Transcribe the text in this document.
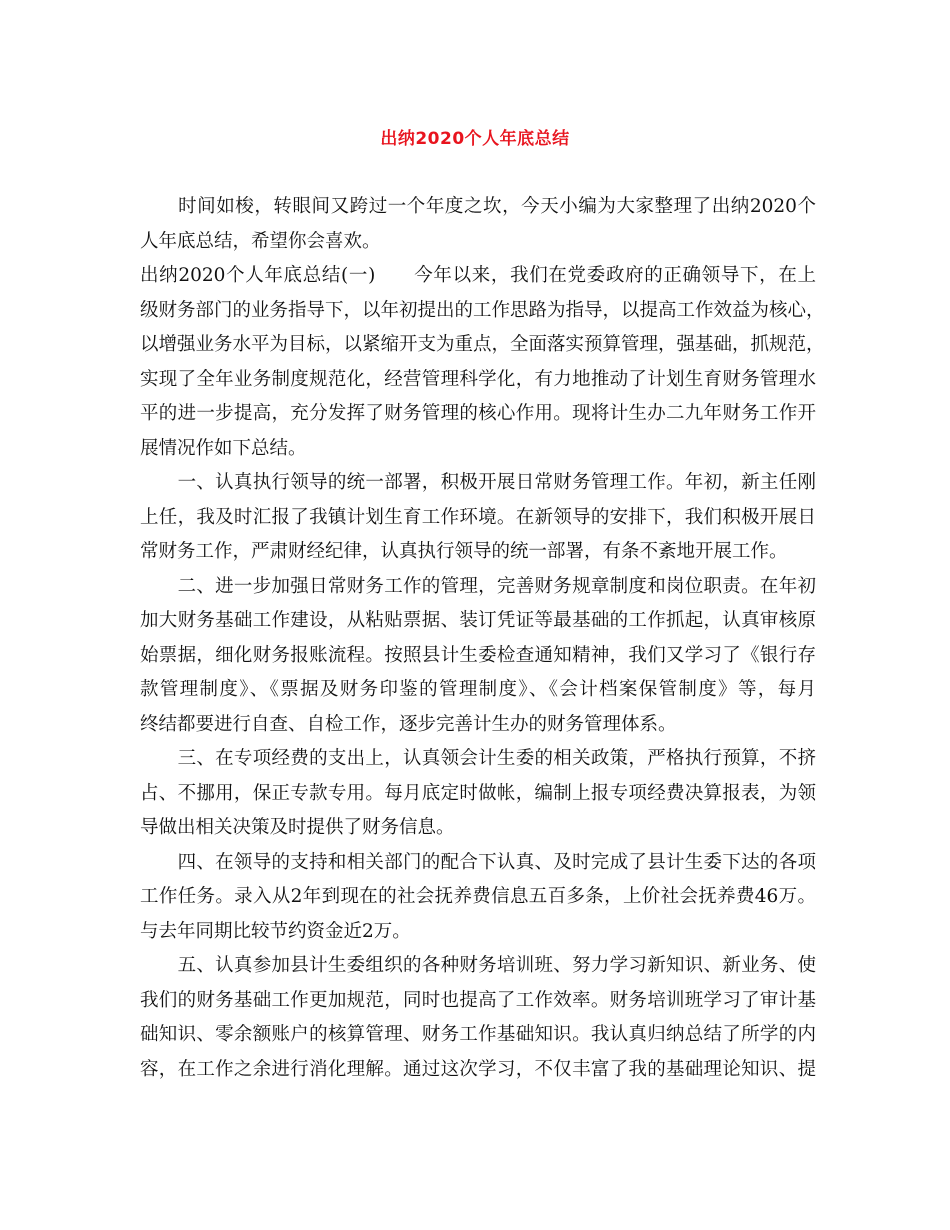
出纳2020个人年底总结
　　时间如梭，转眼间又跨过一个年度之坎，今天小编为大家整理了出纳2020个
人年底总结，希望你会喜欢。
出纳2020个人年底总结(一)　　今年以来，我们在党委政府的正确领导下，在上
级财务部门的业务指导下，以年初提出的工作思路为指导，以提高工作效益为核心，
以增强业务水平为目标，以紧缩开支为重点，全面落实预算管理，强基础，抓规范，
实现了全年业务制度规范化，经营管理科学化，有力地推动了计划生育财务管理水
平的进一步提高，充分发挥了财务管理的核心作用。现将计生办二九年财务工作开
展情况作如下总结。
　　一、认真执行领导的统一部署，积极开展日常财务管理工作。年初，新主任刚
上任，我及时汇报了我镇计划生育工作环境。在新领导的安排下，我们积极开展日
常财务工作，严肃财经纪律，认真执行领导的统一部署，有条不紊地开展工作。
　　二、进一步加强日常财务工作的管理，完善财务规章制度和岗位职责。在年初
加大财务基础工作建设，从粘贴票据、装订凭证等最基础的工作抓起，认真审核原
始票据，细化财务报账流程。按照县计生委检查通知精神，我们又学习了《银行存
款管理制度》、《票据及财务印鉴的管理制度》、《会计档案保管制度》等，每月
终结都要进行自查、自检工作，逐步完善计生办的财务管理体系。
　　三、在专项经费的支出上，认真领会计生委的相关政策，严格执行预算，不挤
占、不挪用，保正专款专用。每月底定时做帐，编制上报专项经费决算报表，为领
导做出相关决策及时提供了财务信息。
　　四、在领导的支持和相关部门的配合下认真、及时完成了县计生委下达的各项
工作任务。录入从2年到现在的社会抚养费信息五百多条，上价社会抚养费46万。
与去年同期比较节约资金近2万。
　　五、认真参加县计生委组织的各种财务培训班、努力学习新知识、新业务、使
我们的财务基础工作更加规范，同时也提高了工作效率。财务培训班学习了审计基
础知识、零余额账户的核算管理、财务工作基础知识。我认真归纳总结了所学的内
容，在工作之余进行消化理解。通过这次学习，不仅丰富了我的基础理论知识、提
